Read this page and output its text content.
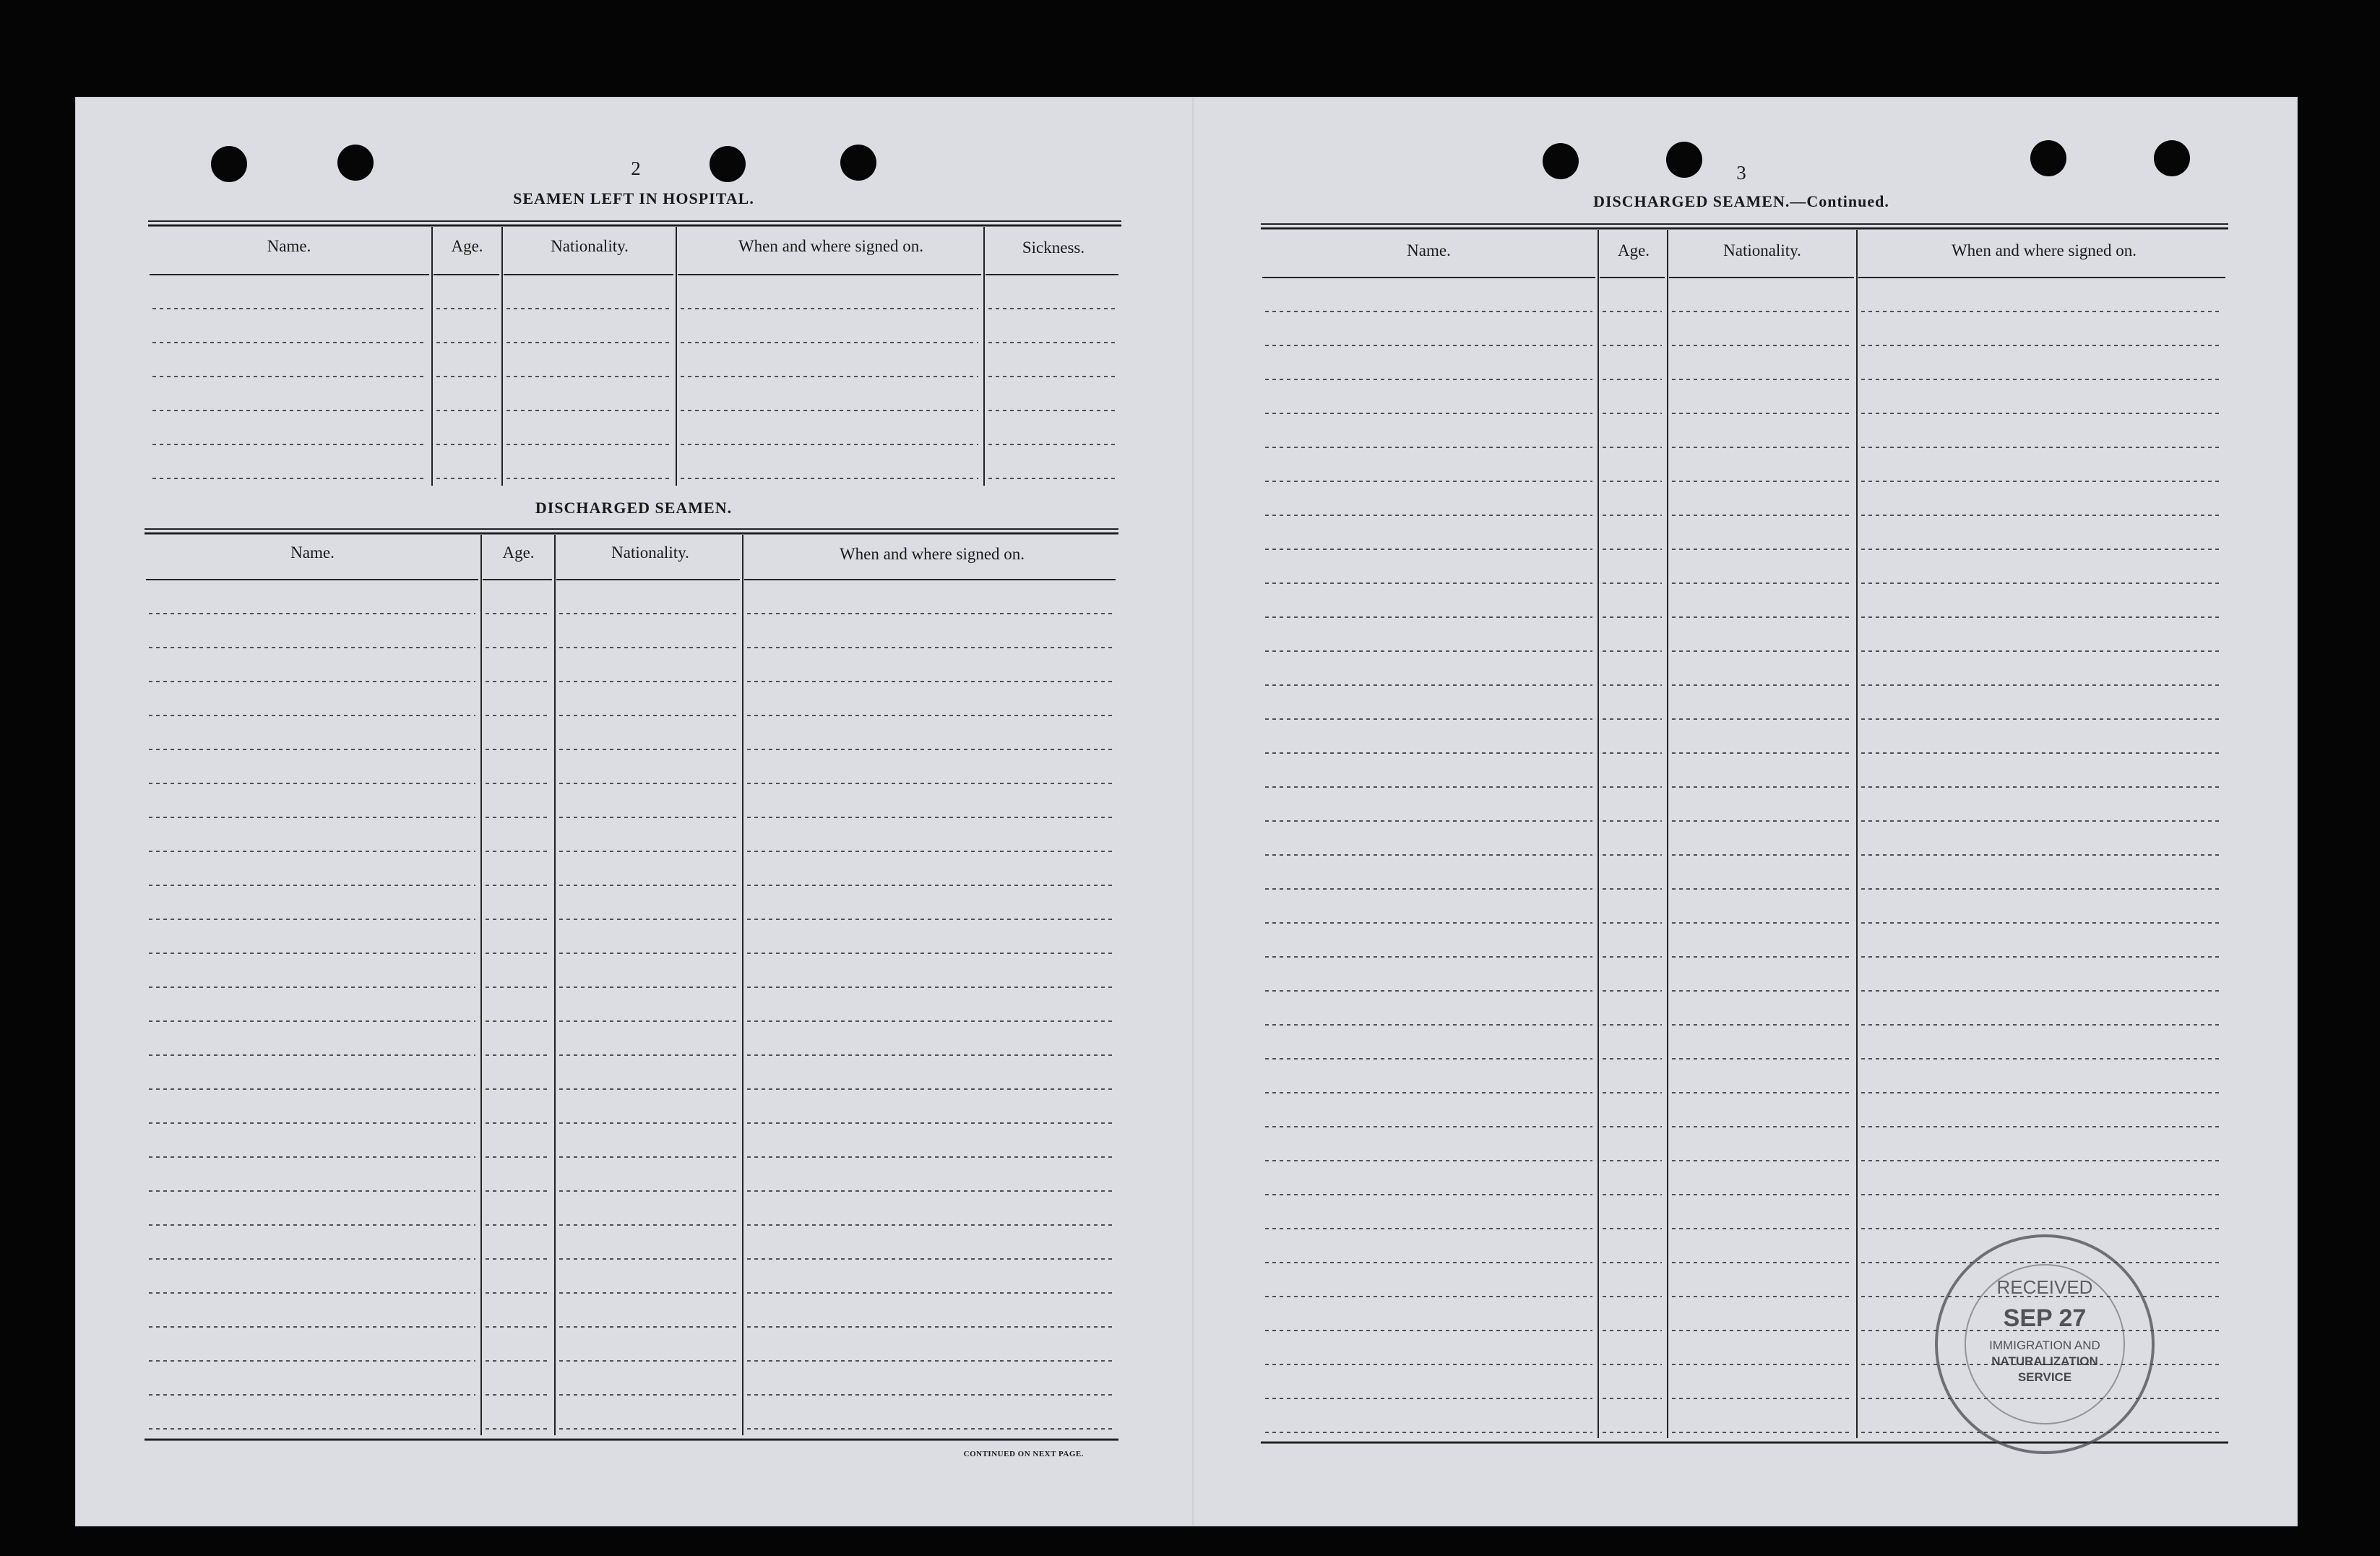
2
SEAMEN LEFT IN HOSPITAL.
Name.	Age.	Nationality.	When and where signed on.	Sickness.
DISCHARGED SEAMEN.
Name.	Age.	Nationality.	When and where signed on.
CONTINUED ON NEXT PAGE.
3
DISCHARGED SEAMEN.—Continued.
Name.	Age.	Nationality.	When and where signed on.
RECEIVED
SEP 27
IMMIGRATION AND
NATURALIZATION
SERVICE
